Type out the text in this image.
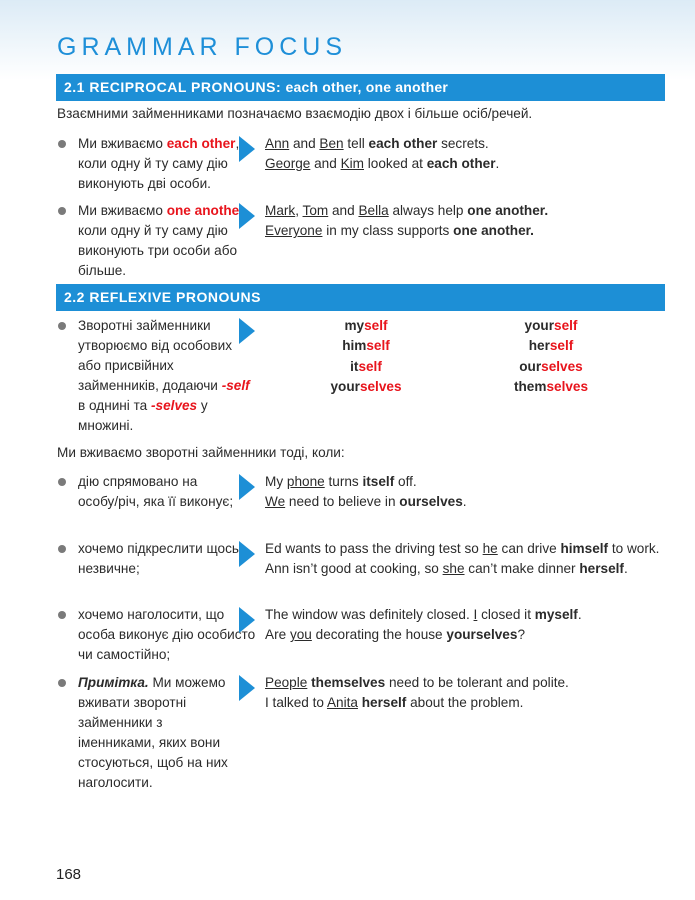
GRAMMAR FOCUS
2.1 RECIPROCAL PRONOUNS: each other, one another
Взаємними займенниками позначаємо взаємодію двох і більше осіб/речей.
Ми вживаємо each other, коли одну й ту саму дію виконують дві особи.

Ann and Ben tell each other secrets.

George and Kim looked at each other.

Ми вживаємо one another, коли одну й ту саму дію виконують три особи або більше.

Mark, Tom and Bella always help one another.

Everyone in my class supports one another.

2.2 REFLEXIVE PRONOUNS
Зворотні займенники утворюємо від особових або присвійних займенників, додаючи -self в однині та -selves у множині.
myself
himself
itself
yourselves
yourself
herself
ourselves
themselves
Ми вживаємо зворотні займенники тоді, коли:
дію спрямовано на особу/річ, яка її виконує;

My phone turns itself off.

We need to believe in ourselves.

хочемо підкреслити щось незвичне;

Ed wants to pass the driving test so he can drive himself to work.

Ann isn’t good at cooking, so she can’t make dinner herself.

хочемо наголосити, що особа виконує дію особисто чи самостійно;

The window was definitely closed. I closed it myself.

Are you decorating the house yourselves?

Примітка. Ми можемо вживати зворотні займенники з іменниками, яких вони стосуються, щоб на них наголосити.

People themselves need to be tolerant and polite.

I talked to Anita herself about the problem.

168
